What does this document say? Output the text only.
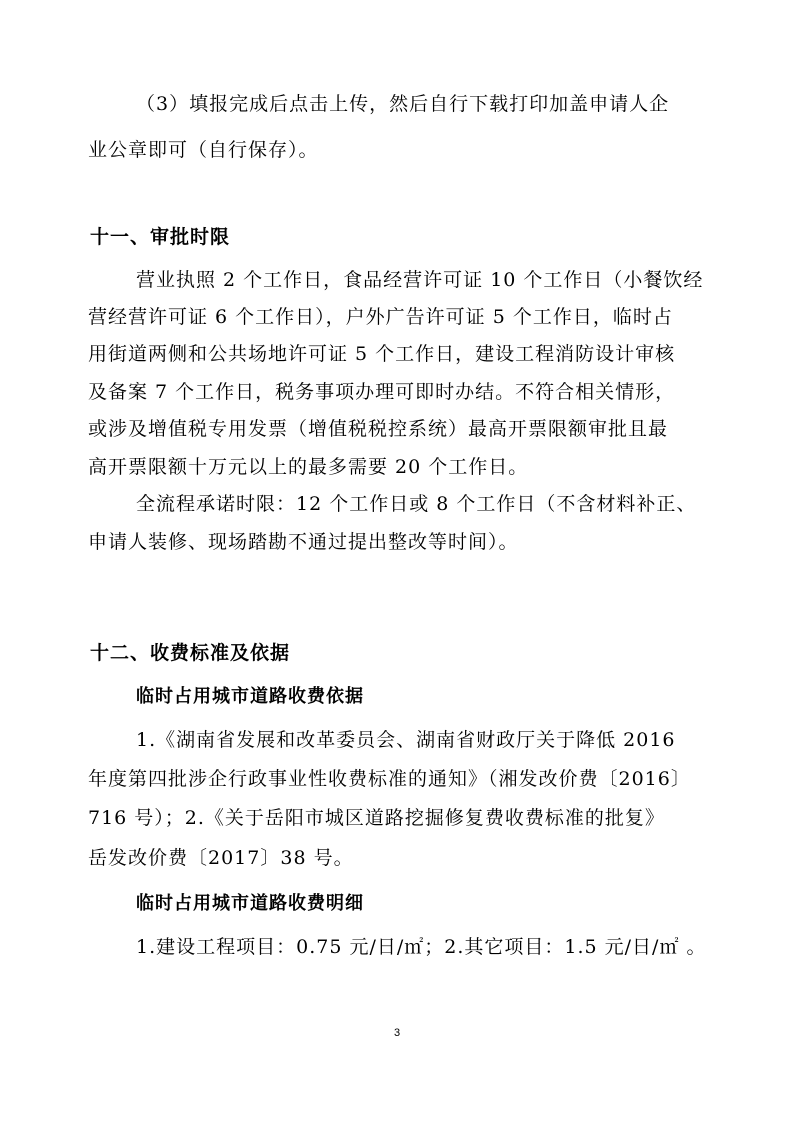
（3）填报完成后点击上传，然后自行下载打印加盖申请人企
业公章即可（自行保存）。
十一、审批时限
营业执照 2 个工作日，食品经营许可证 10 个工作日（小餐饮经
营经营许可证 6 个工作日），户外广告许可证 5 个工作日，临时占
用街道两侧和公共场地许可证 5 个工作日，建设工程消防设计审核
及备案 7 个工作日，税务事项办理可即时办结。不符合相关情形，
或涉及增值税专用发票（增值税税控系统）最高开票限额审批且最
高开票限额十万元以上的最多需要 20 个工作日。
全流程承诺时限：12 个工作日或 8 个工作日（不含材料补正、
申请人装修、现场踏勘不通过提出整改等时间）。
十二、收费标准及依据
临时占用城市道路收费依据
1.《湖南省发展和改革委员会、湖南省财政厅关于降低 2016
年度第四批涉企行政事业性收费标准的通知》（湘发改价费〔2016〕
716 号）；2.《关于岳阳市城区道路挖掘修复费收费标准的批复》
岳发改价费〔2017〕38 号。
临时占用城市道路收费明细
1.建设工程项目：0.75 元/日/㎡；2.其它项目：1.5 元/日/㎡ 。
3
